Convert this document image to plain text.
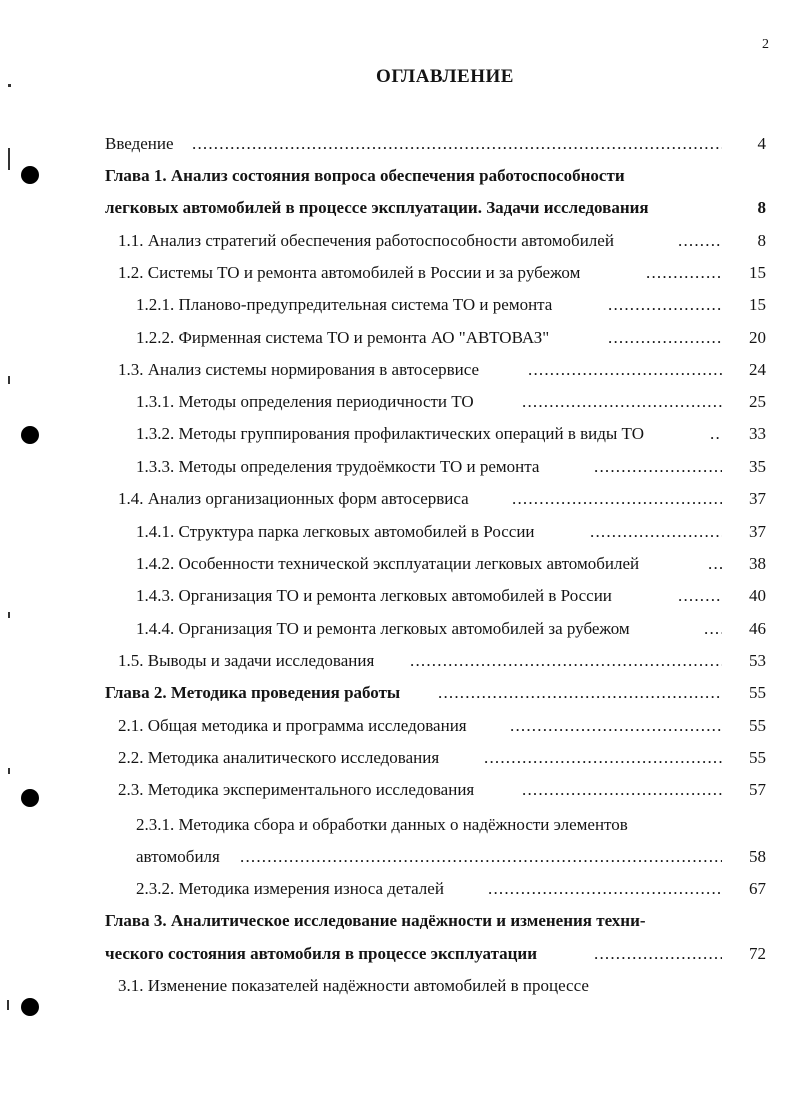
2
ОГЛАВЛЕНИЕ
Введение .....	4
Глава 1. Анализ состояния вопроса обеспечения работоспособности
легковых автомобилей в процессе эксплуатации. Задачи исследования	8
1.1. Анализ стратегий обеспечения работоспособности автомобилей .....	8
1.2. Системы ТО и ремонта автомобилей в России и за рубежом .....	15
1.2.1. Планово-предупредительная система ТО и ремонта .....	15
1.2.2. Фирменная система ТО и ремонта АО "АВТОВАЗ" .....	20
1.3. Анализ системы нормирования в автосервисе .....	24
1.3.1. Методы определения периодичности ТО .....	25
1.3.2. Методы группирования профилактических операций в виды ТО .....	33
1.3.3. Методы определения трудоёмкости ТО и ремонта .....	35
1.4. Анализ организационных форм автосервиса .....	37
1.4.1. Структура парка легковых автомобилей в России .....	37
1.4.2. Особенности технической эксплуатации легковых автомобилей .....	38
1.4.3. Организация ТО и ремонта легковых автомобилей в России .....	40
1.4.4. Организация ТО и ремонта легковых автомобилей за рубежом .....	46
1.5. Выводы и задачи исследования .....	53
Глава 2. Методика проведения работы .....	55
2.1. Общая методика и программа исследования .....	55
2.2. Методика аналитического исследования .....	55
2.3. Методика экспериментального исследования .....	57
2.3.1. Методика сбора и обработки данных о надёжности элементов
автомобиля .....	58
2.3.2. Методика измерения износа деталей .....	67
Глава 3. Аналитическое исследование надёжности и изменения техни-
ческого состояния автомобиля в процессе эксплуатации .....	72
3.1. Изменение показателей надёжности автомобилей в процессе
